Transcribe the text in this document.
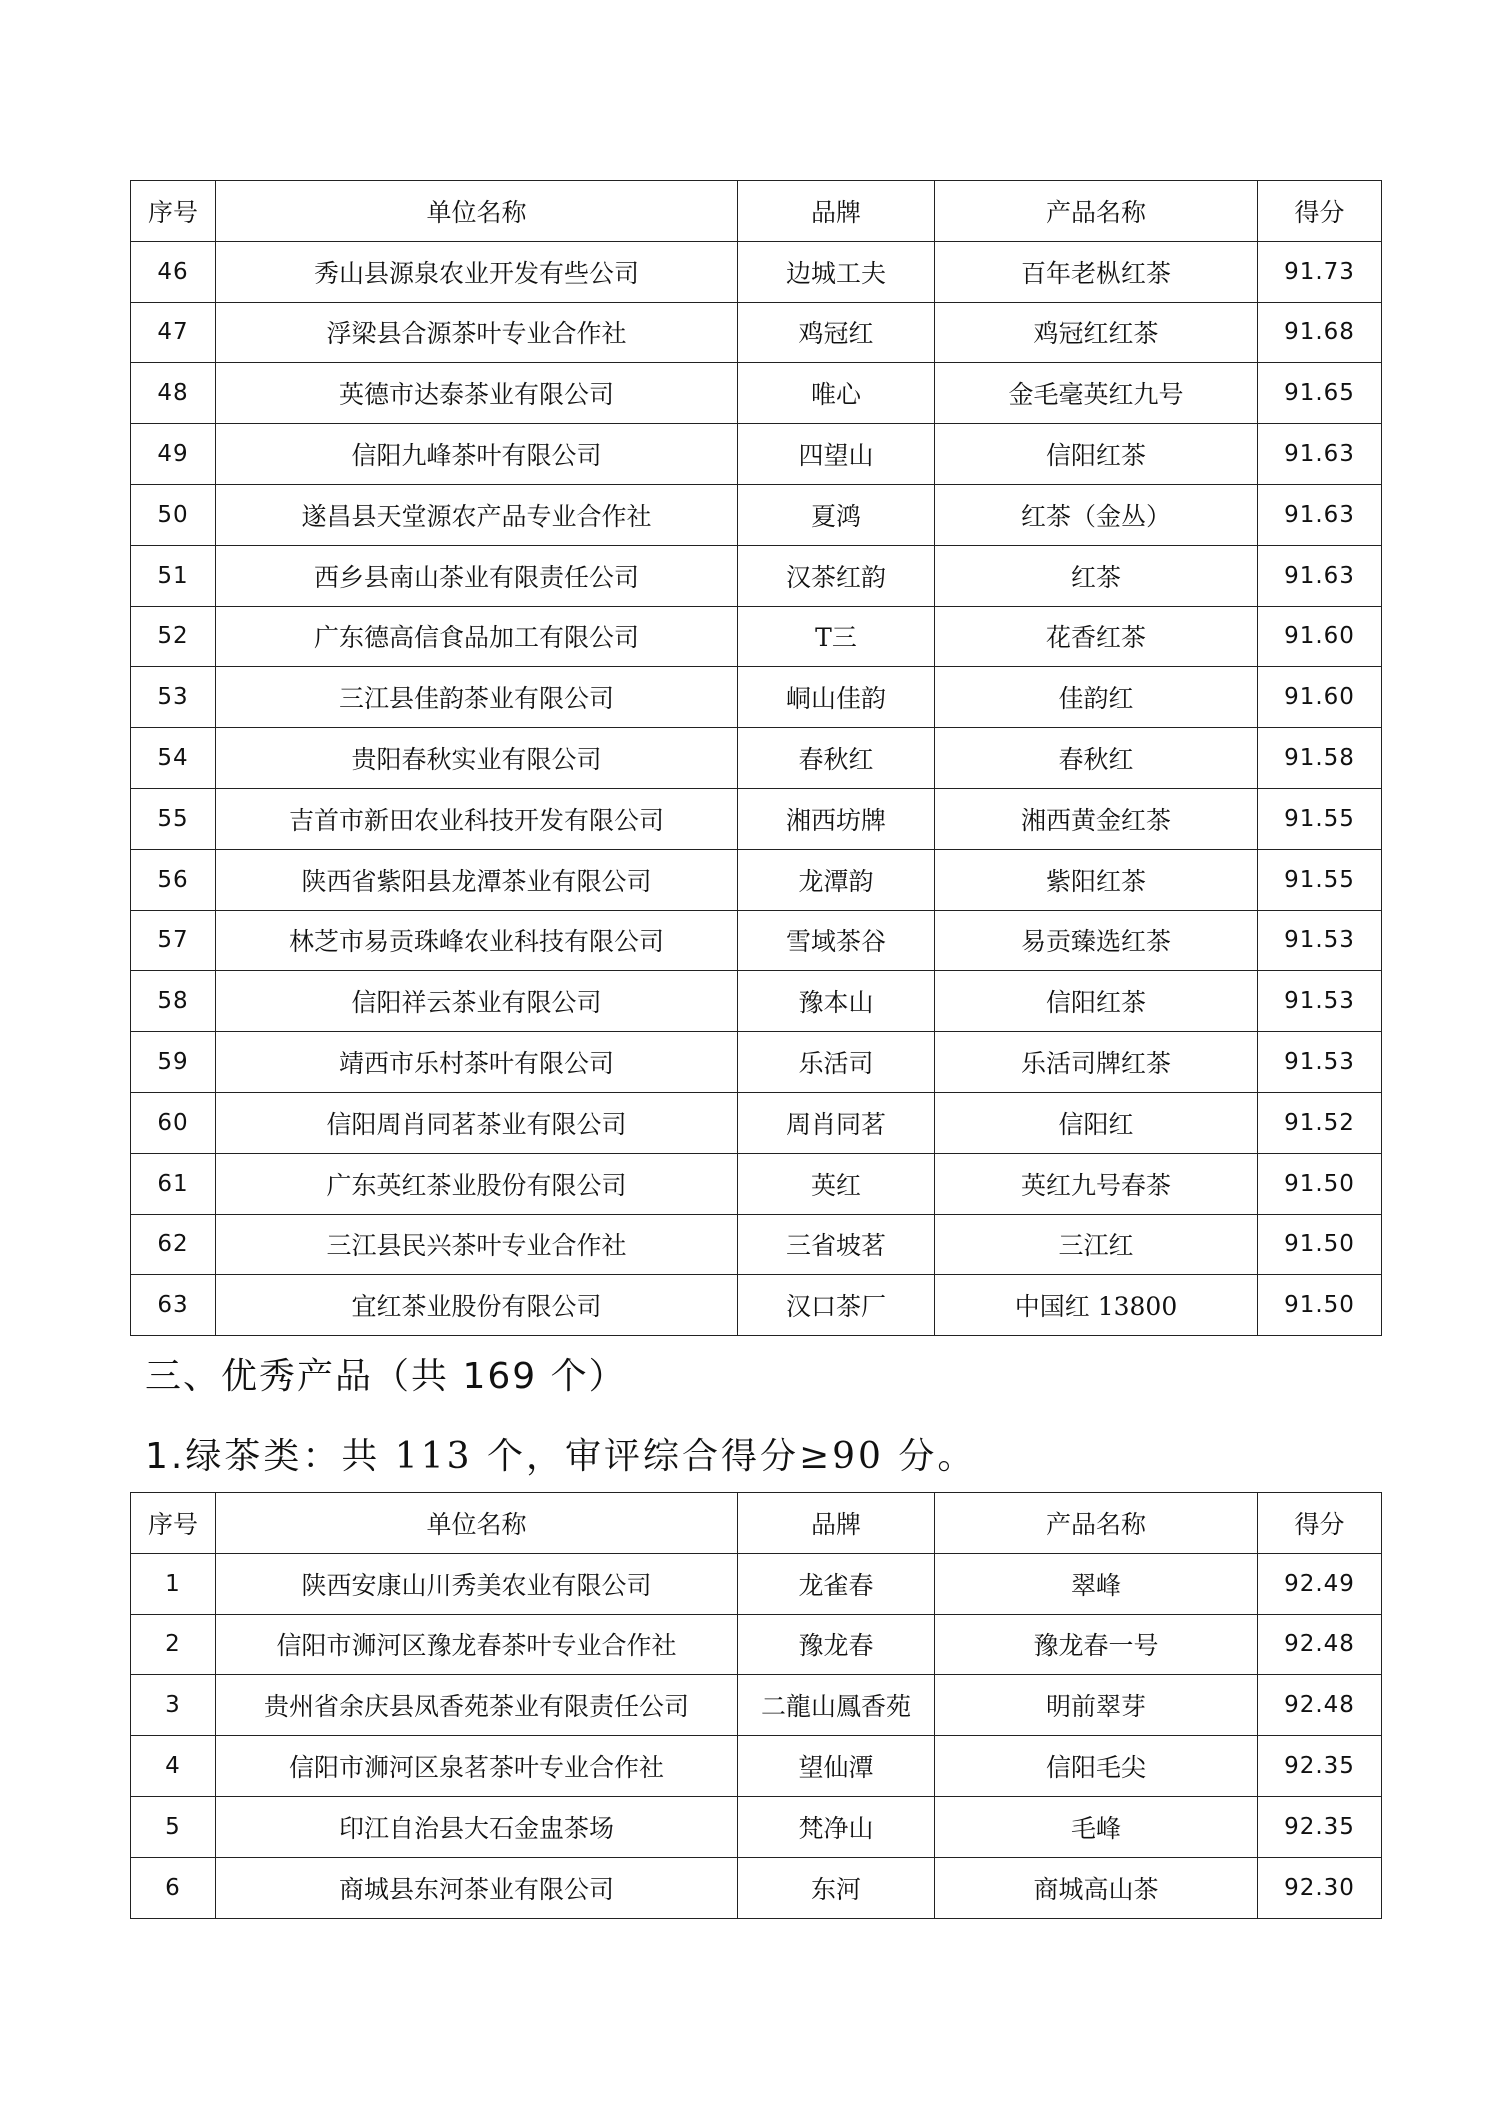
序号	单位名称	品牌	产品名称	得分
46	秀山县源泉农业开发有些公司	边城工夫	百年老枞红茶	91.73
47	浮梁县合源茶叶专业合作社	鸡冠红	鸡冠红红茶	91.68
48	英德市达泰茶业有限公司	唯心	金毛毫英红九号	91.65
49	信阳九峰茶叶有限公司	四望山	信阳红茶	91.63
50	遂昌县天堂源农产品专业合作社	夏鸿	红茶（金丛）	91.63
51	西乡县南山茶业有限责任公司	汉茶红韵	红茶	91.63
52	广东德高信食品加工有限公司	T三	花香红茶	91.60
53	三江县佳韵茶业有限公司	峒山佳韵	佳韵红	91.60
54	贵阳春秋实业有限公司	春秋红	春秋红	91.58
55	吉首市新田农业科技开发有限公司	湘西坊牌	湘西黄金红茶	91.55
56	陕西省紫阳县龙潭茶业有限公司	龙潭韵	紫阳红茶	91.55
57	林芝市易贡珠峰农业科技有限公司	雪域茶谷	易贡臻选红茶	91.53
58	信阳祥云茶业有限公司	豫本山	信阳红茶	91.53
59	靖西市乐村茶叶有限公司	乐活司	乐活司牌红茶	91.53
60	信阳周肖同茗茶业有限公司	周肖同茗	信阳红	91.52
61	广东英红茶业股份有限公司	英红	英红九号春茶	91.50
62	三江县民兴茶叶专业合作社	三省坡茗	三江红	91.50
63	宜红茶业股份有限公司	汉口茶厂	中国红 13800	91.50
三、优秀产品（共 169 个）
1.绿茶类：共 113 个，审评综合得分≥90 分。
序号	单位名称	品牌	产品名称	得分
1	陕西安康山川秀美农业有限公司	龙雀春	翠峰	92.49
2	信阳市浉河区豫龙春茶叶专业合作社	豫龙春	豫龙春一号	92.48
3	贵州省余庆县凤香苑茶业有限责任公司	二龍山鳳香苑	明前翠芽	92.48
4	信阳市浉河区泉茗茶叶专业合作社	望仙潭	信阳毛尖	92.35
5	印江自治县大石金盅茶场	梵净山	毛峰	92.35
6	商城县东河茶业有限公司	东河	商城高山茶	92.30
